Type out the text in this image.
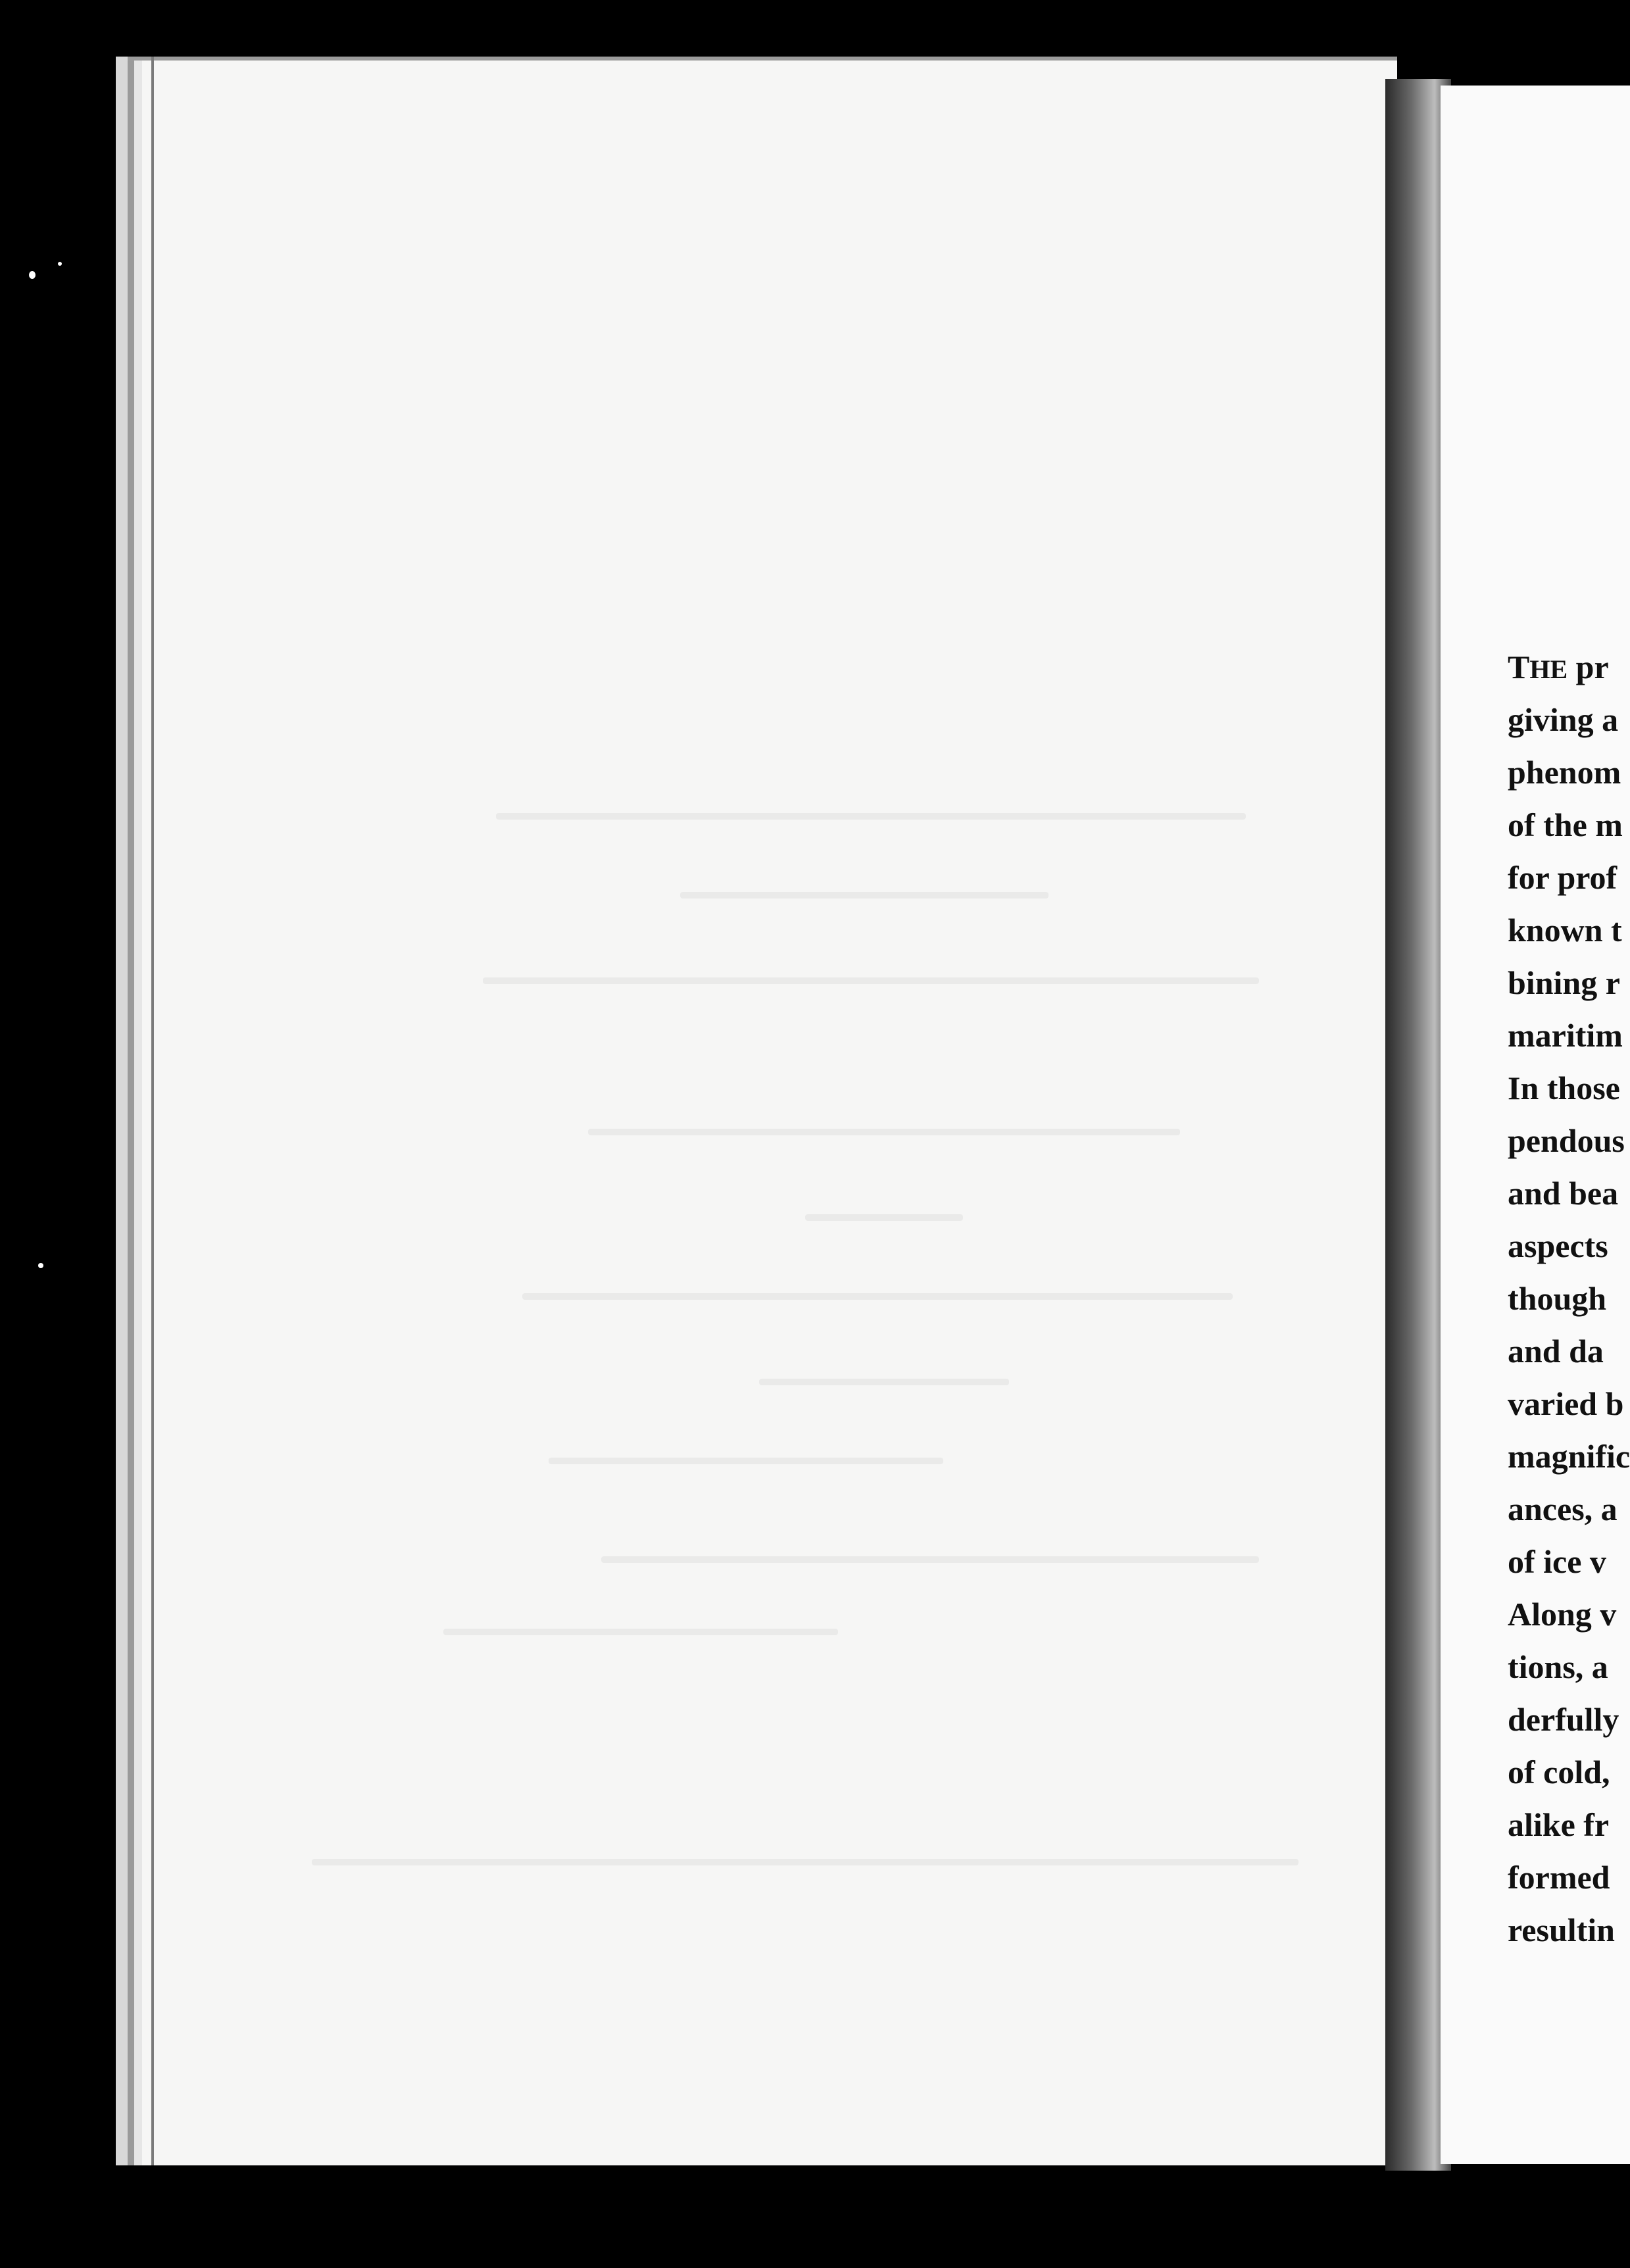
THE pr
giving a
phenom
of the m
for prof
known t
bining r
maritim
In those
pendous
and bea
aspects
though
and da
varied b
magnific
ances, a
of ice v
Along v
tions, a
derfully
of cold,
alike fr
formed
resultin
